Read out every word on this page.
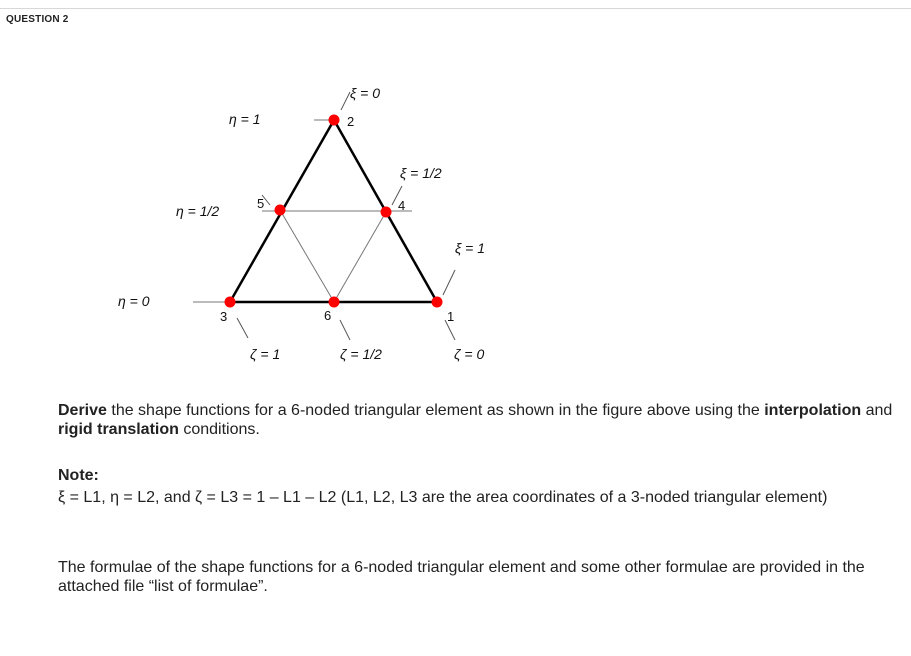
QUESTION 2
1
2
3
4
5
6
η = 1
η = 1/2
η = 0
ξ = 0
ξ = 1/2
ξ = 1
ζ = 1	ζ = 1/2	ζ = 0
Derive the shape functions for a 6-noded triangular element as shown in the figure above using the interpolation and rigid translation conditions.
Note:
ξ = L1, η = L2, and ζ = L3 = 1 – L1 – L2 (L1, L2, L3 are the area coordinates of a 3-noded triangular element)
The formulae of the shape functions for a 6-noded triangular element and some other formulae are provided in the attached file “list of formulae”.
